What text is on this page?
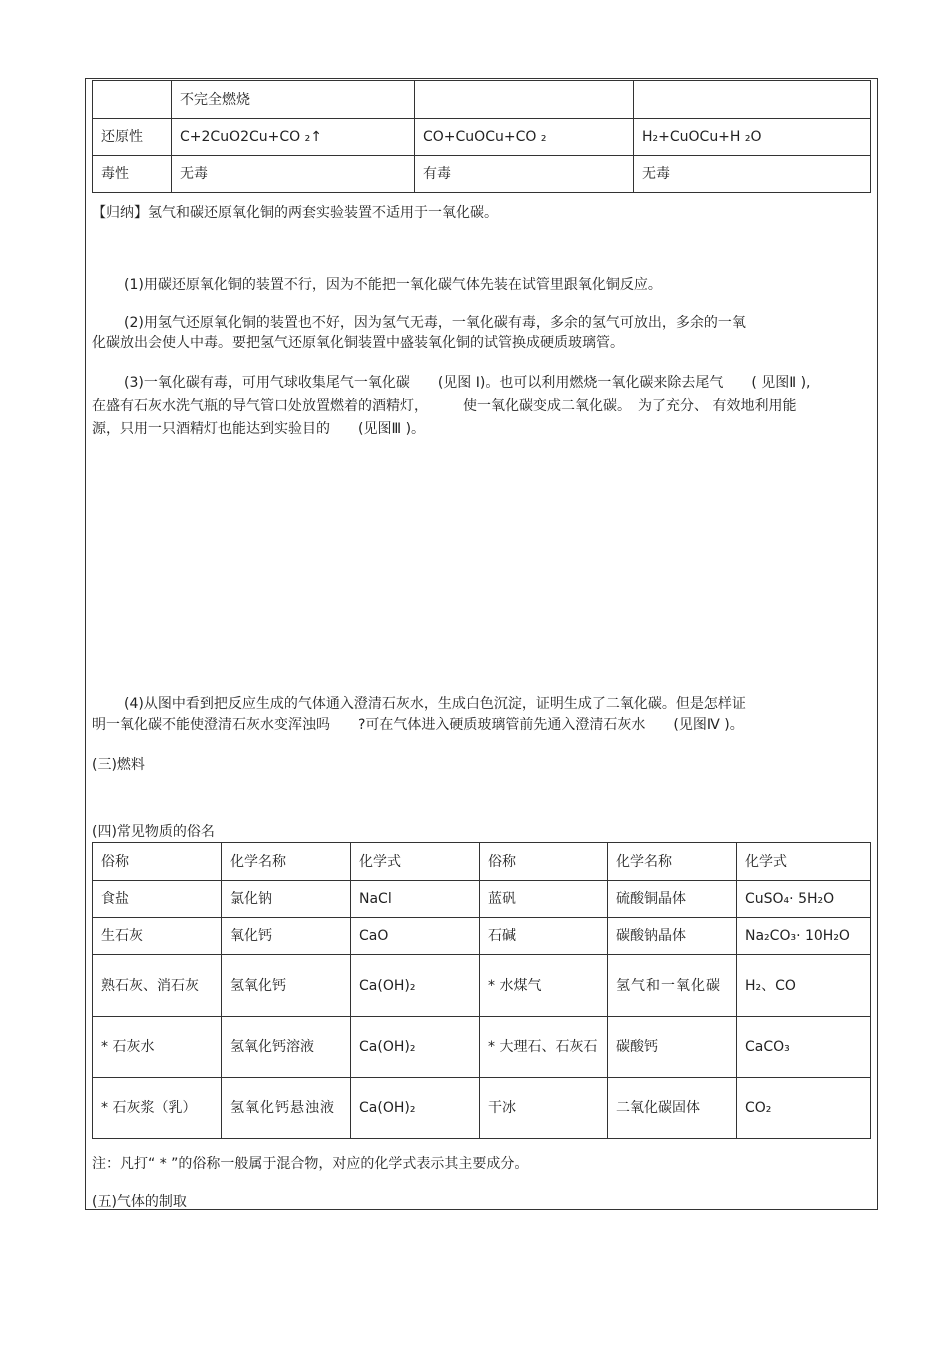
	不完全燃烧		
还原性	C+2CuO2Cu+CO ₂↑	CO+CuOCu+CO ₂	H₂+CuOCu+H ₂O
毒性	无毒	有毒	无毒
【归纳】氢气和碳还原氧化铜的两套实验装置不适用于一氧化碳。
(1)用碳还原氧化铜的装置不行，因为不能把一氧化碳气体先装在试管里跟氧化铜反应。
(2)用氢气还原氧化铜的装置也不好，因为氢气无毒，一氧化碳有毒，多余的氢气可放出，多余的一氧
化碳放出会使人中毒。要把氢气还原氧化铜装置中盛装氧化铜的试管换成硬质玻璃管。
(3)一氧化碳有毒，可用气球收集尾气一氧化碳　　(见图 Ⅰ)。也可以利用燃烧一氧化碳来除去尾气　　( 见图Ⅱ ),
在盛有石灰水洗气瓶的导气管口处放置燃着的酒精灯，　　　使一氧化碳变成二氧化碳。　为了充分、 有效地利用能
源，只用一只酒精灯也能达到实验目的　　(见图Ⅲ )。
(4)从图中看到把反应生成的气体通入澄清石灰水，生成白色沉淀，证明生成了二氧化碳。但是怎样证
明一氧化碳不能使澄清石灰水变浑浊吗　　?可在气体进入硬质玻璃管前先通入澄清石灰水　　(见图Ⅳ )。
(三)燃料
(四)常见物质的俗名
俗称	化学名称	化学式	俗称	化学名称	化学式
食盐	氯化钠	NaCl	蓝矾	硫酸铜晶体	CuSO₄· 5H₂O
生石灰	氧化钙	CaO	石碱	碳酸钠晶体	Na₂CO₃· 10H₂O
熟石灰、消石灰	氢氧化钙	Ca(OH)₂	* 水煤气	氢气和一氧化碳	H₂、CO
* 石灰水	氢氧化钙溶液	Ca(OH)₂	* 大理石、石灰石	碳酸钙	CaCO₃
* 石灰浆（乳）	氢氧化钙悬浊液	Ca(OH)₂	干冰	二氧化碳固体	CO₂
注：凡打“ * ”的俗称一般属于混合物，对应的化学式表示其主要成分。
(五)气体的制取
